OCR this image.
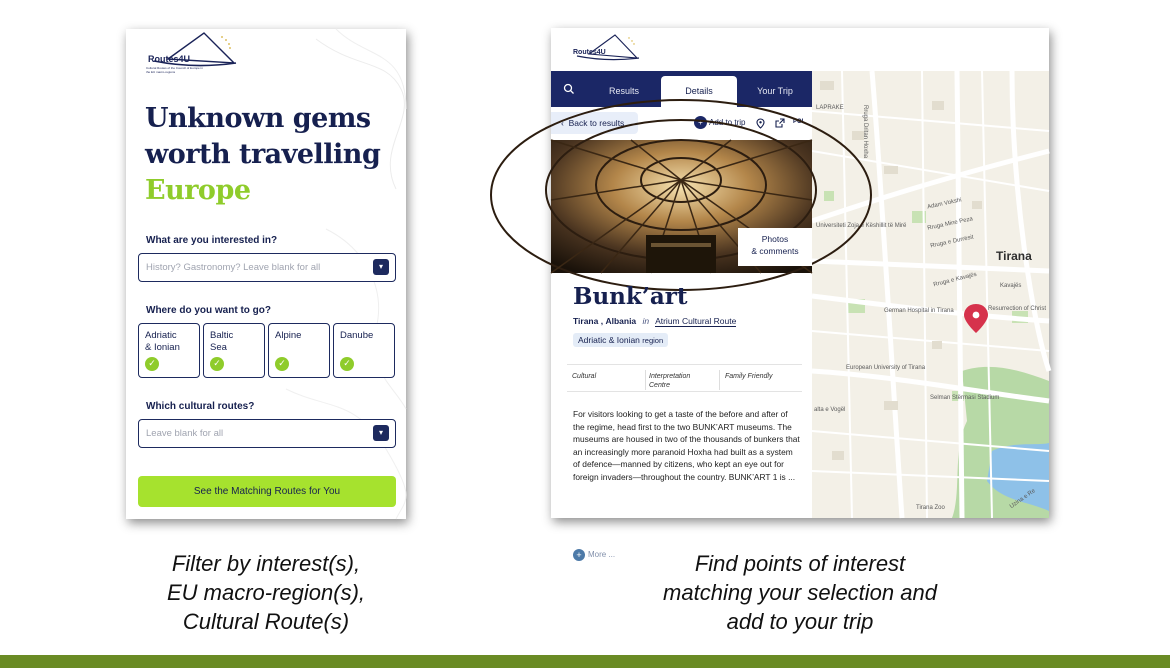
Routes4U
Cultural Routes of the Council of Europe in the EU macro-regions
Unknown gems
worth travelling
Europe
What are you interested in?
History? Gastronomy? Leave blank for all	▾
Where do you want to go?
Adriatic
& Ionian
✓
Baltic
Sea
✓
Alpine
✓
Danube
✓
Which cultural routes?
Leave blank for all	▾
See the Matching Routes for You
Routes4U
LAPRAKE
Adam Vokshi
Rruga e Durrësit
Rruga Mine Peza
Rruga e Kavajës
Universiteti Zoja e Këshillit të Mirë
German Hospital in Tirana	Resurrection of Christ
European University of Tirana
Selman Stërmasi Stadium
alta e Vogël
Tirana Zoo
Rruga Dritan Hoxha
Kavajës
Uzina e Re
Tirana
Results	Details	Your Trip
‹  Back to results	+ Add to trip	POI
Photos
& comments
Bunk’art
Tirana , Albania in Atrium Cultural Route
Adriatic & Ionian region
Cultural	Interpretation
Centre
Family Friendly
For visitors looking to get a taste of the before and after of the regime, head first to the two BUNK’ART museums. The museums are housed in two of the thousands of bunkers that an increasingly more paranoid Hoxha had built as a system of defence—manned by citizens, who kept an eye out for foreign invaders—throughout the country. BUNK’ART 1 is ...
+ More ...
Filter by interest(s),
EU macro-region(s),
Cultural Route(s)
Find points of interest
matching your selection and
add to your trip
